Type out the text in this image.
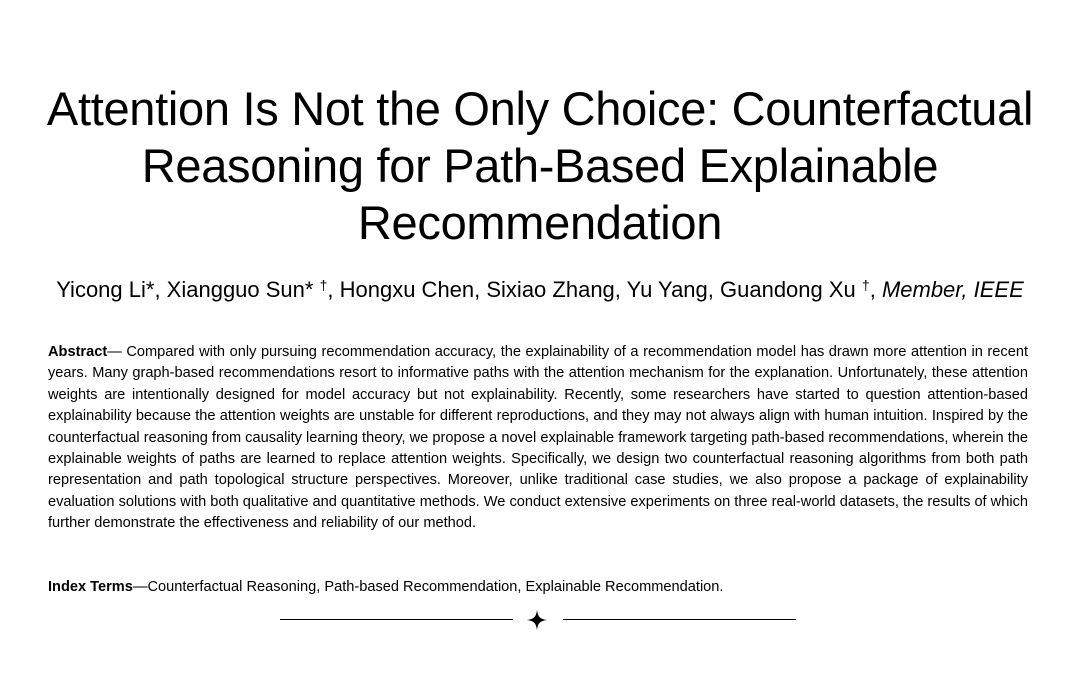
Attention Is Not the Only Choice: Counterfactual
Reasoning for Path-Based Explainable
Recommendation
Yicong Li*, Xiangguo Sun* †, Hongxu Chen, Sixiao Zhang, Yu Yang, Guandong Xu †, Member, IEEE

Abstract— Compared with only pursuing recommendation accuracy, the explainability of a recommendation model has drawn more attention in recent years. Many graph-based recommendations resort to informative paths with the attention mechanism for the explanation. Unfortunately, these attention weights are intentionally designed for model accuracy but not explainability. Recently, some researchers have started to question attention-based explainability because the attention weights are unstable for different reproductions, and they may not always align with human intuition. Inspired by the counterfactual reasoning from causality learning theory, we propose a novel explainable framework targeting path-based recommendations, wherein the explainable weights of paths are learned to replace attention weights. Specifically, we design two counterfactual reasoning algorithms from both path representation and path topological structure perspectives. Moreover, unlike traditional case studies, we also propose a package of explainability evaluation solutions with both qualitative and quantitative methods. We conduct extensive experiments on three real-world datasets, the results of which further demonstrate the effectiveness and reliability of our method.

Index Terms—Counterfactual Reasoning, Path-based Recommendation, Explainable Recommendation.
